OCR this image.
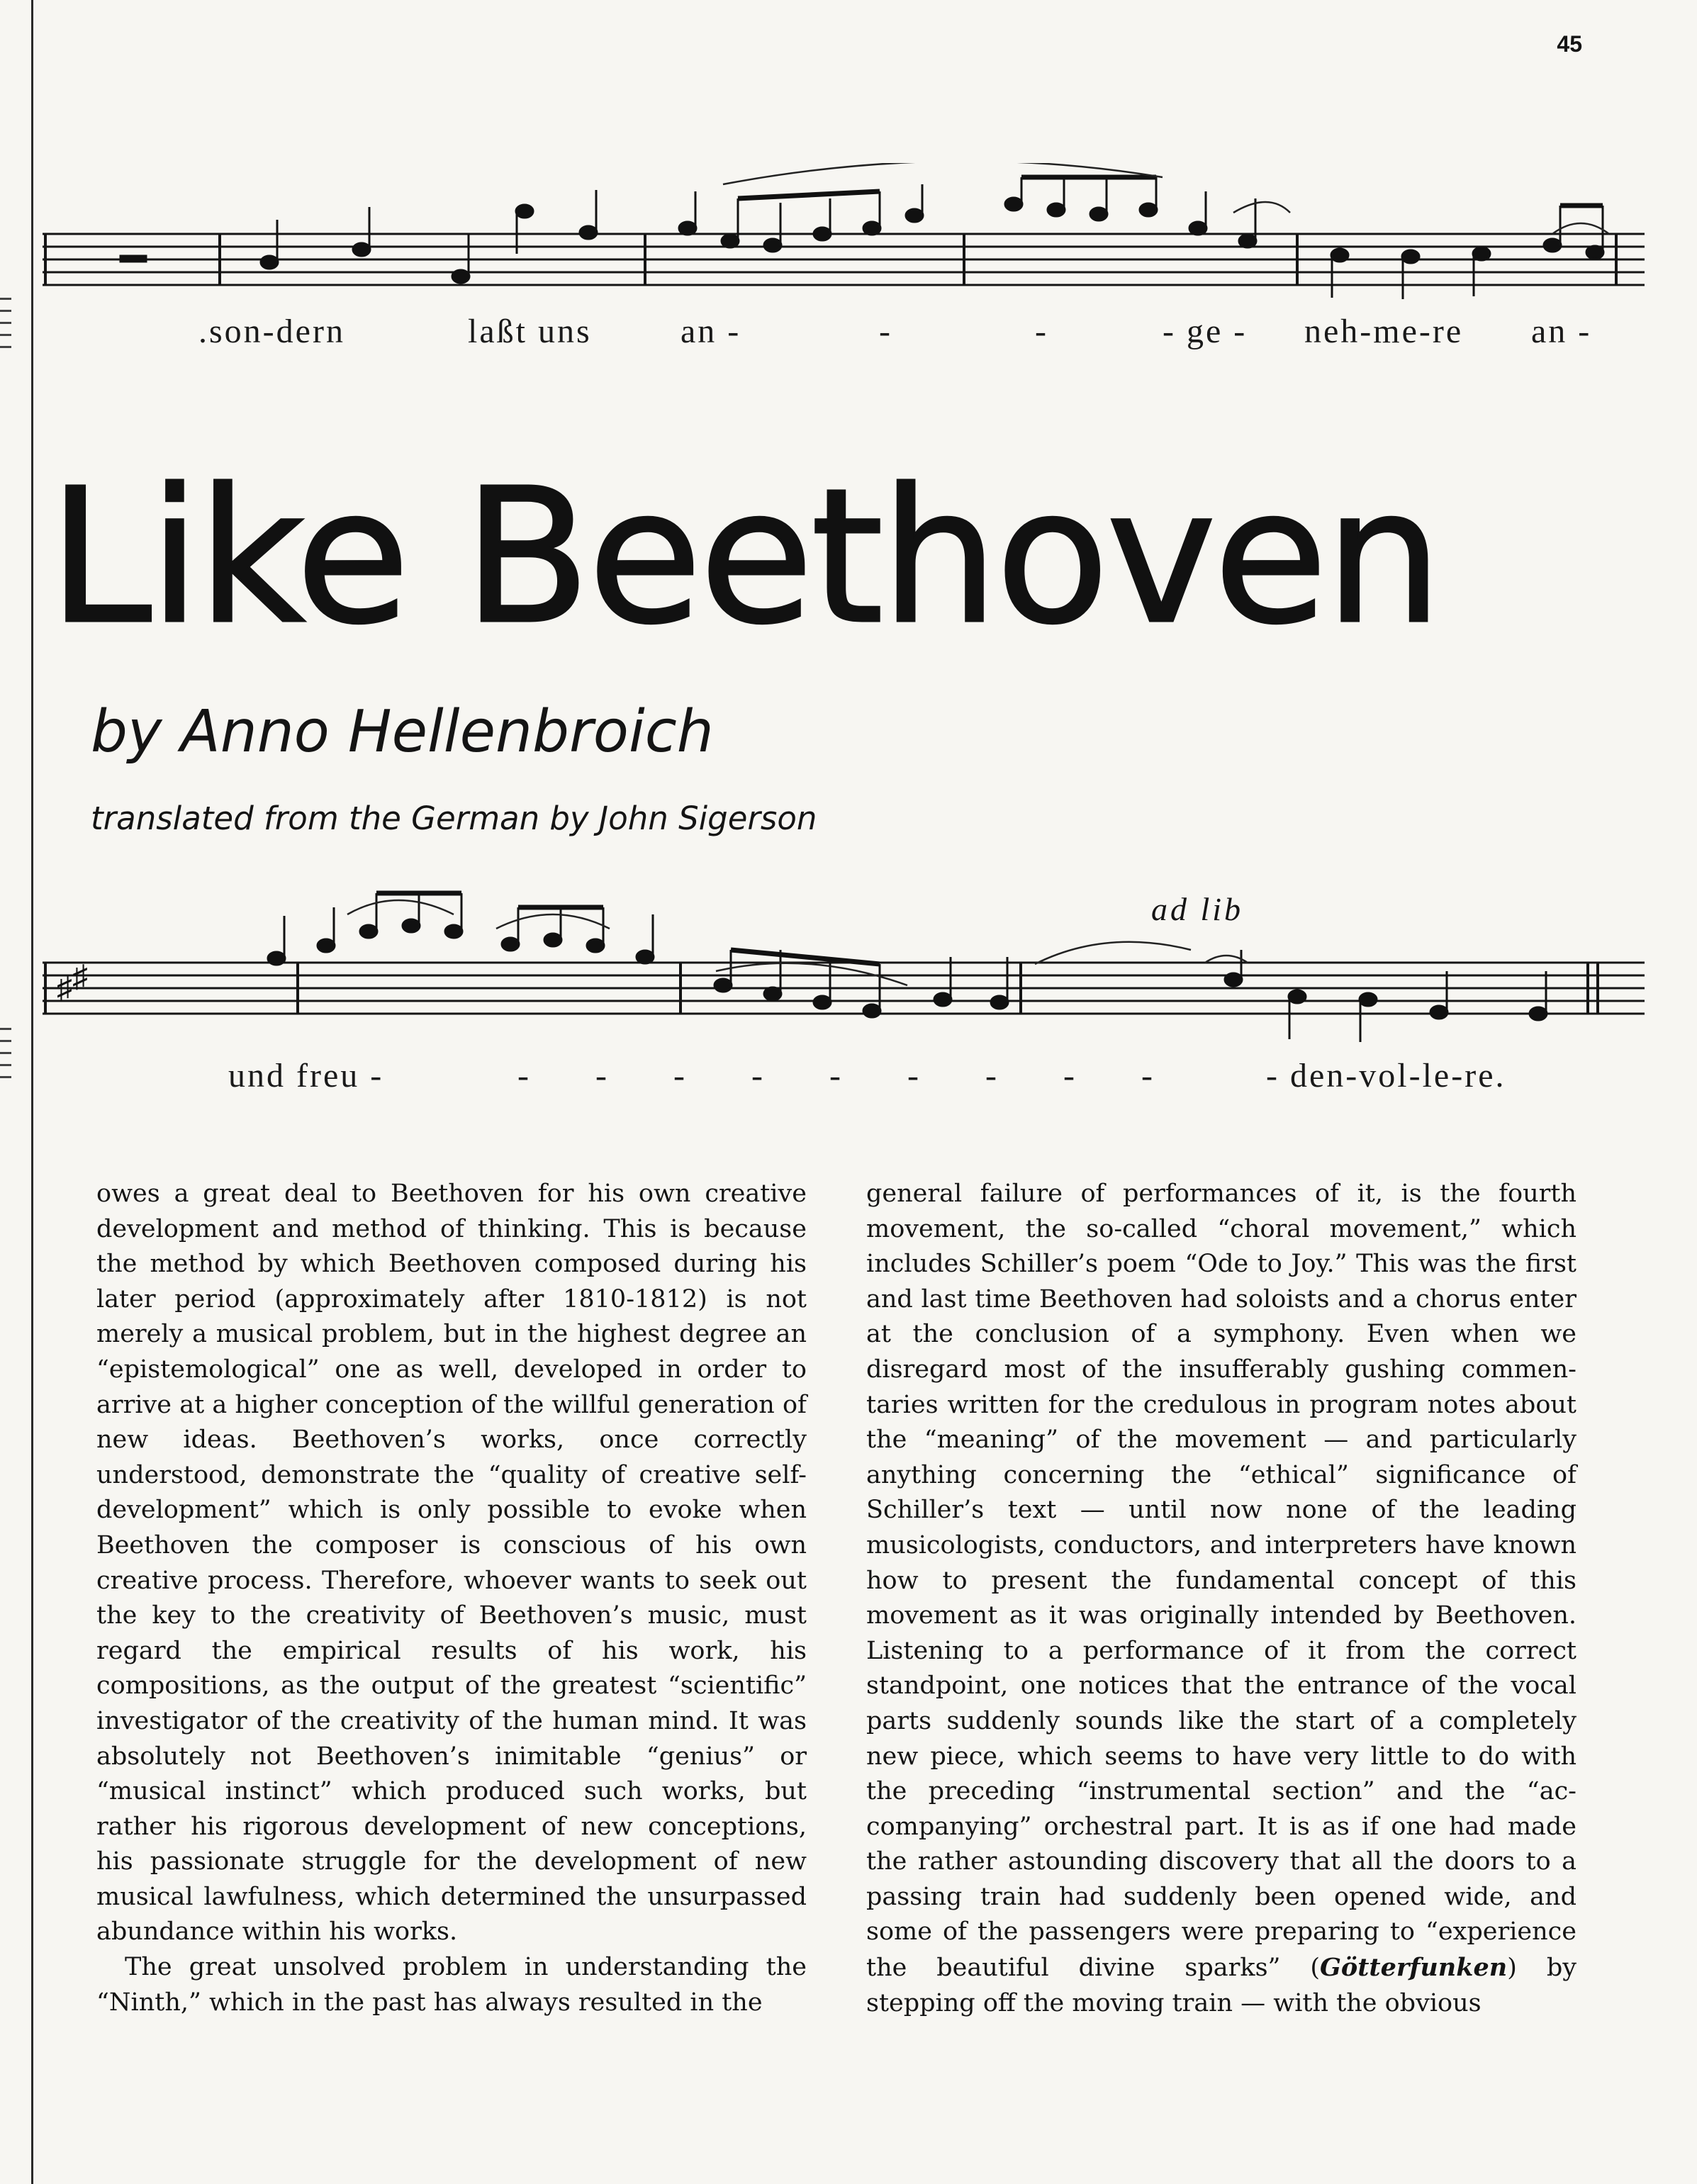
45
.son-dern	laßt uns	an -	-	-	- ge - neh-me-re an -
Like Beethoven
by Anno Hellenbroich
translated from the German by John Sigerson
ad lib
♯ ♯
und freu -	- - - - - - - - -	- den-vol-le-re.

owes a great deal to Beethoven for his own creative development and method of thinking. This is because the method by which Beethoven composed during his later period (approximately after 1810-1812) is not merely a musical problem, but in the highest degree an “epistemological” one as well, developed in order to arrive at a higher conception of the willful generation of new ideas. Beethoven’s works, once correctly understood, demonstrate the “quality of creative self-development” which is only possible to evoke when Beethoven the composer is conscious of his own creative process. Therefore, whoever wants to seek out the key to the creativity of Beethoven’s music, must regard the empirical results of his work, his compositions, as the output of the greatest “scientific” investigator of the creativity of the human mind. It was absolutely not Beethoven’s inimitable “genius” or “musical instinct” which produced such works, but rather his rigorous development of new conceptions, his passionate struggle for the development of new musical lawfulness, which determined the unsurpassed abundance within his works.

The great unsolved problem in understanding the “Ninth,” which in the past has always resulted in the

general failure of performances of it, is the fourth movement, the so-called “choral movement,” which includes Schiller’s poem “Ode to Joy.” This was the first and last time Beethoven had soloists and a chorus enter at the conclusion of a symphony. Even when we disregard most of the insufferably gushing commentaries written for the credulous in program notes about the “meaning” of the movement — and particularly anything concerning the “ethical” significance of Schiller’s text — until now none of the leading musicologists, conductors, and interpreters have known how to present the fundamental concept of this movement as it was originally intended by Beethoven. Listening to a performance of it from the correct standpoint, one notices that the entrance of the vocal parts suddenly sounds like the start of a completely new piece, which seems to have very little to do with the preceding “instrumental section” and the “accompanying” orchestral part. It is as if one had made the rather astounding discovery that all the doors to a passing train had suddenly been opened wide, and some of the passengers were preparing to “experience the beautiful divine sparks” (Götterfunken) by stepping off the moving train — with the obvious
